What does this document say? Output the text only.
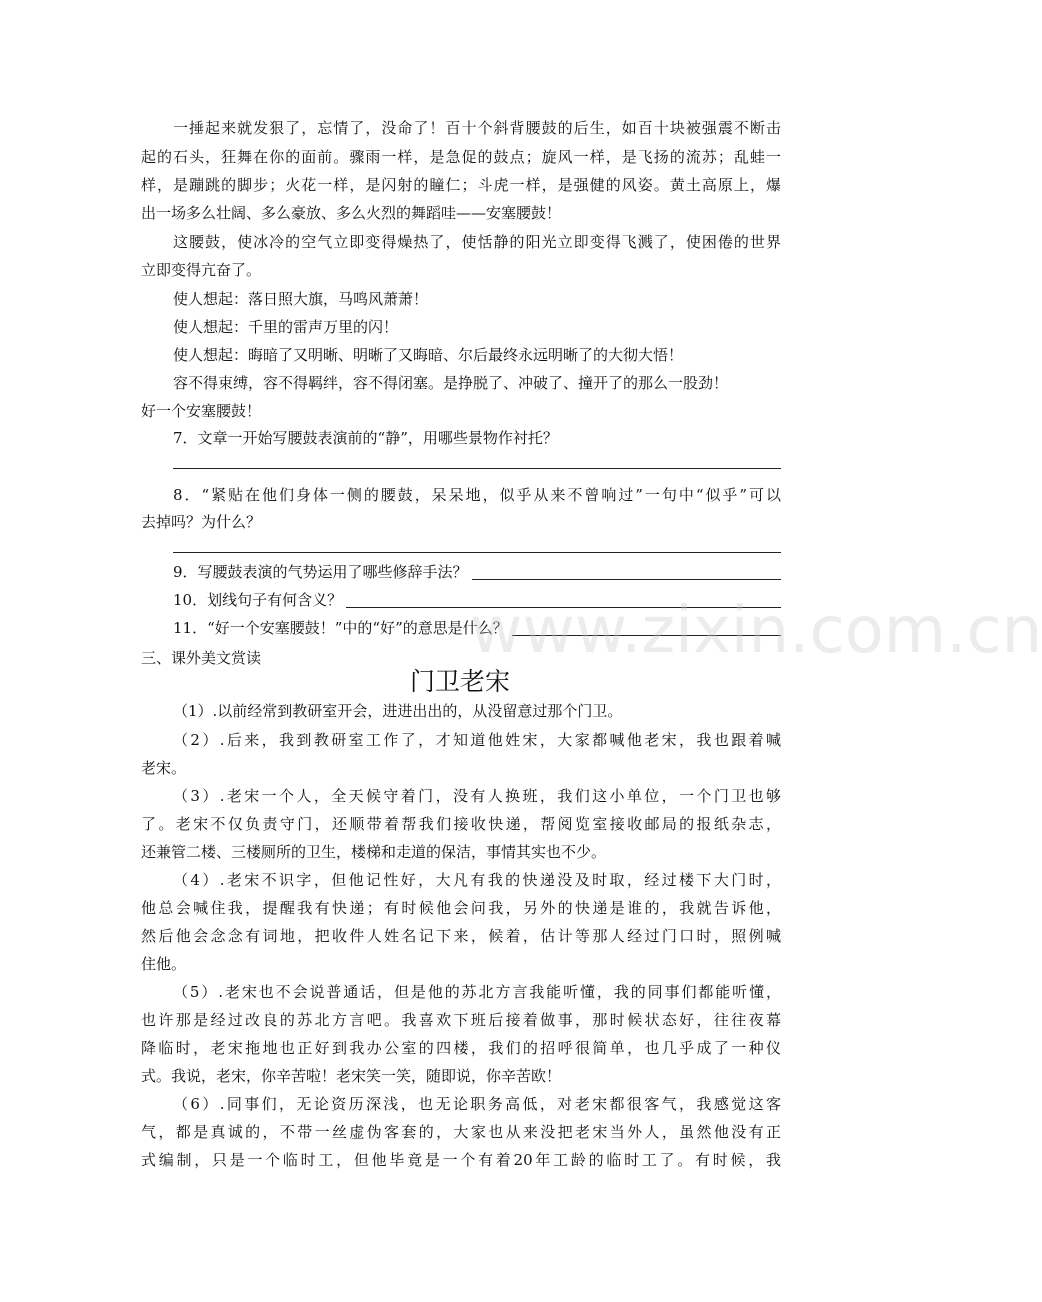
一捶起来就发狠了，忘情了，没命了！百十个斜背腰鼓的后生，如百十块被强震不断击
起的石头，狂舞在你的面前。骤雨一样，是急促的鼓点；旋风一样，是飞扬的流苏；乱蛙一
样，是蹦跳的脚步；火花一样，是闪射的瞳仁；斗虎一样，是强健的风姿。黄土高原上，爆
出一场多么壮阔、多么豪放、多么火烈的舞蹈哇——安塞腰鼓！
这腰鼓，使冰冷的空气立即变得燥热了，使恬静的阳光立即变得飞溅了，使困倦的世界
立即变得亢奋了。
使人想起：落日照大旗，马鸣风萧萧！
使人想起：千里的雷声万里的闪！
使人想起：晦暗了又明晰、明晰了又晦暗、尔后最终永远明晰了的大彻大悟！
容不得束缚，容不得羁绊，容不得闭塞。是挣脱了、冲破了、撞开了的那么一股劲！
好一个安塞腰鼓！
7．文章一开始写腰鼓表演前的“静”，用哪些景物作衬托？
8．“紧贴在他们身体一侧的腰鼓，呆呆地，似乎从来不曾响过”一句中“似乎”可以
去掉吗？为什么？
9．写腰鼓表演的气势运用了哪些修辞手法？
10．划线句子有何含义？
11．“好一个安塞腰鼓！”中的“好”的意思是什么？
三、课外美文赏读
门卫老宋
（1）.以前经常到教研室开会，进进出出的，从没留意过那个门卫。
（2）.后来，我到教研室工作了，才知道他姓宋，大家都喊他老宋，我也跟着喊
老宋。
（3）.老宋一个人，全天候守着门，没有人换班，我们这小单位，一个门卫也够
了。老宋不仅负责守门，还顺带着帮我们接收快递，帮阅览室接收邮局的报纸杂志，
还兼管二楼、三楼厕所的卫生，楼梯和走道的保洁，事情其实也不少。
（4）.老宋不识字，但他记性好，大凡有我的快递没及时取，经过楼下大门时，
他总会喊住我，提醒我有快递；有时候他会问我，另外的快递是谁的，我就告诉他，
然后他会念念有词地，把收件人姓名记下来，候着，估计等那人经过门口时，照例喊
住他。
（5）.老宋也不会说普通话，但是他的苏北方言我能听懂，我的同事们都能听懂，
也许那是经过改良的苏北方言吧。我喜欢下班后接着做事，那时候状态好，往往夜幕
降临时，老宋拖地也正好到我办公室的四楼，我们的招呼很简单，也几乎成了一种仪
式。我说，老宋，你辛苦啦！老宋笑一笑，随即说，你辛苦欧！
（6）.同事们，无论资历深浅，也无论职务高低，对老宋都很客气，我感觉这客
气，都是真诚的，不带一丝虚伪客套的，大家也从来没把老宋当外人，虽然他没有正
式编制，只是一个临时工，但他毕竟是一个有着20年工龄的临时工了。有时候，我
www.zixin.com.cn
